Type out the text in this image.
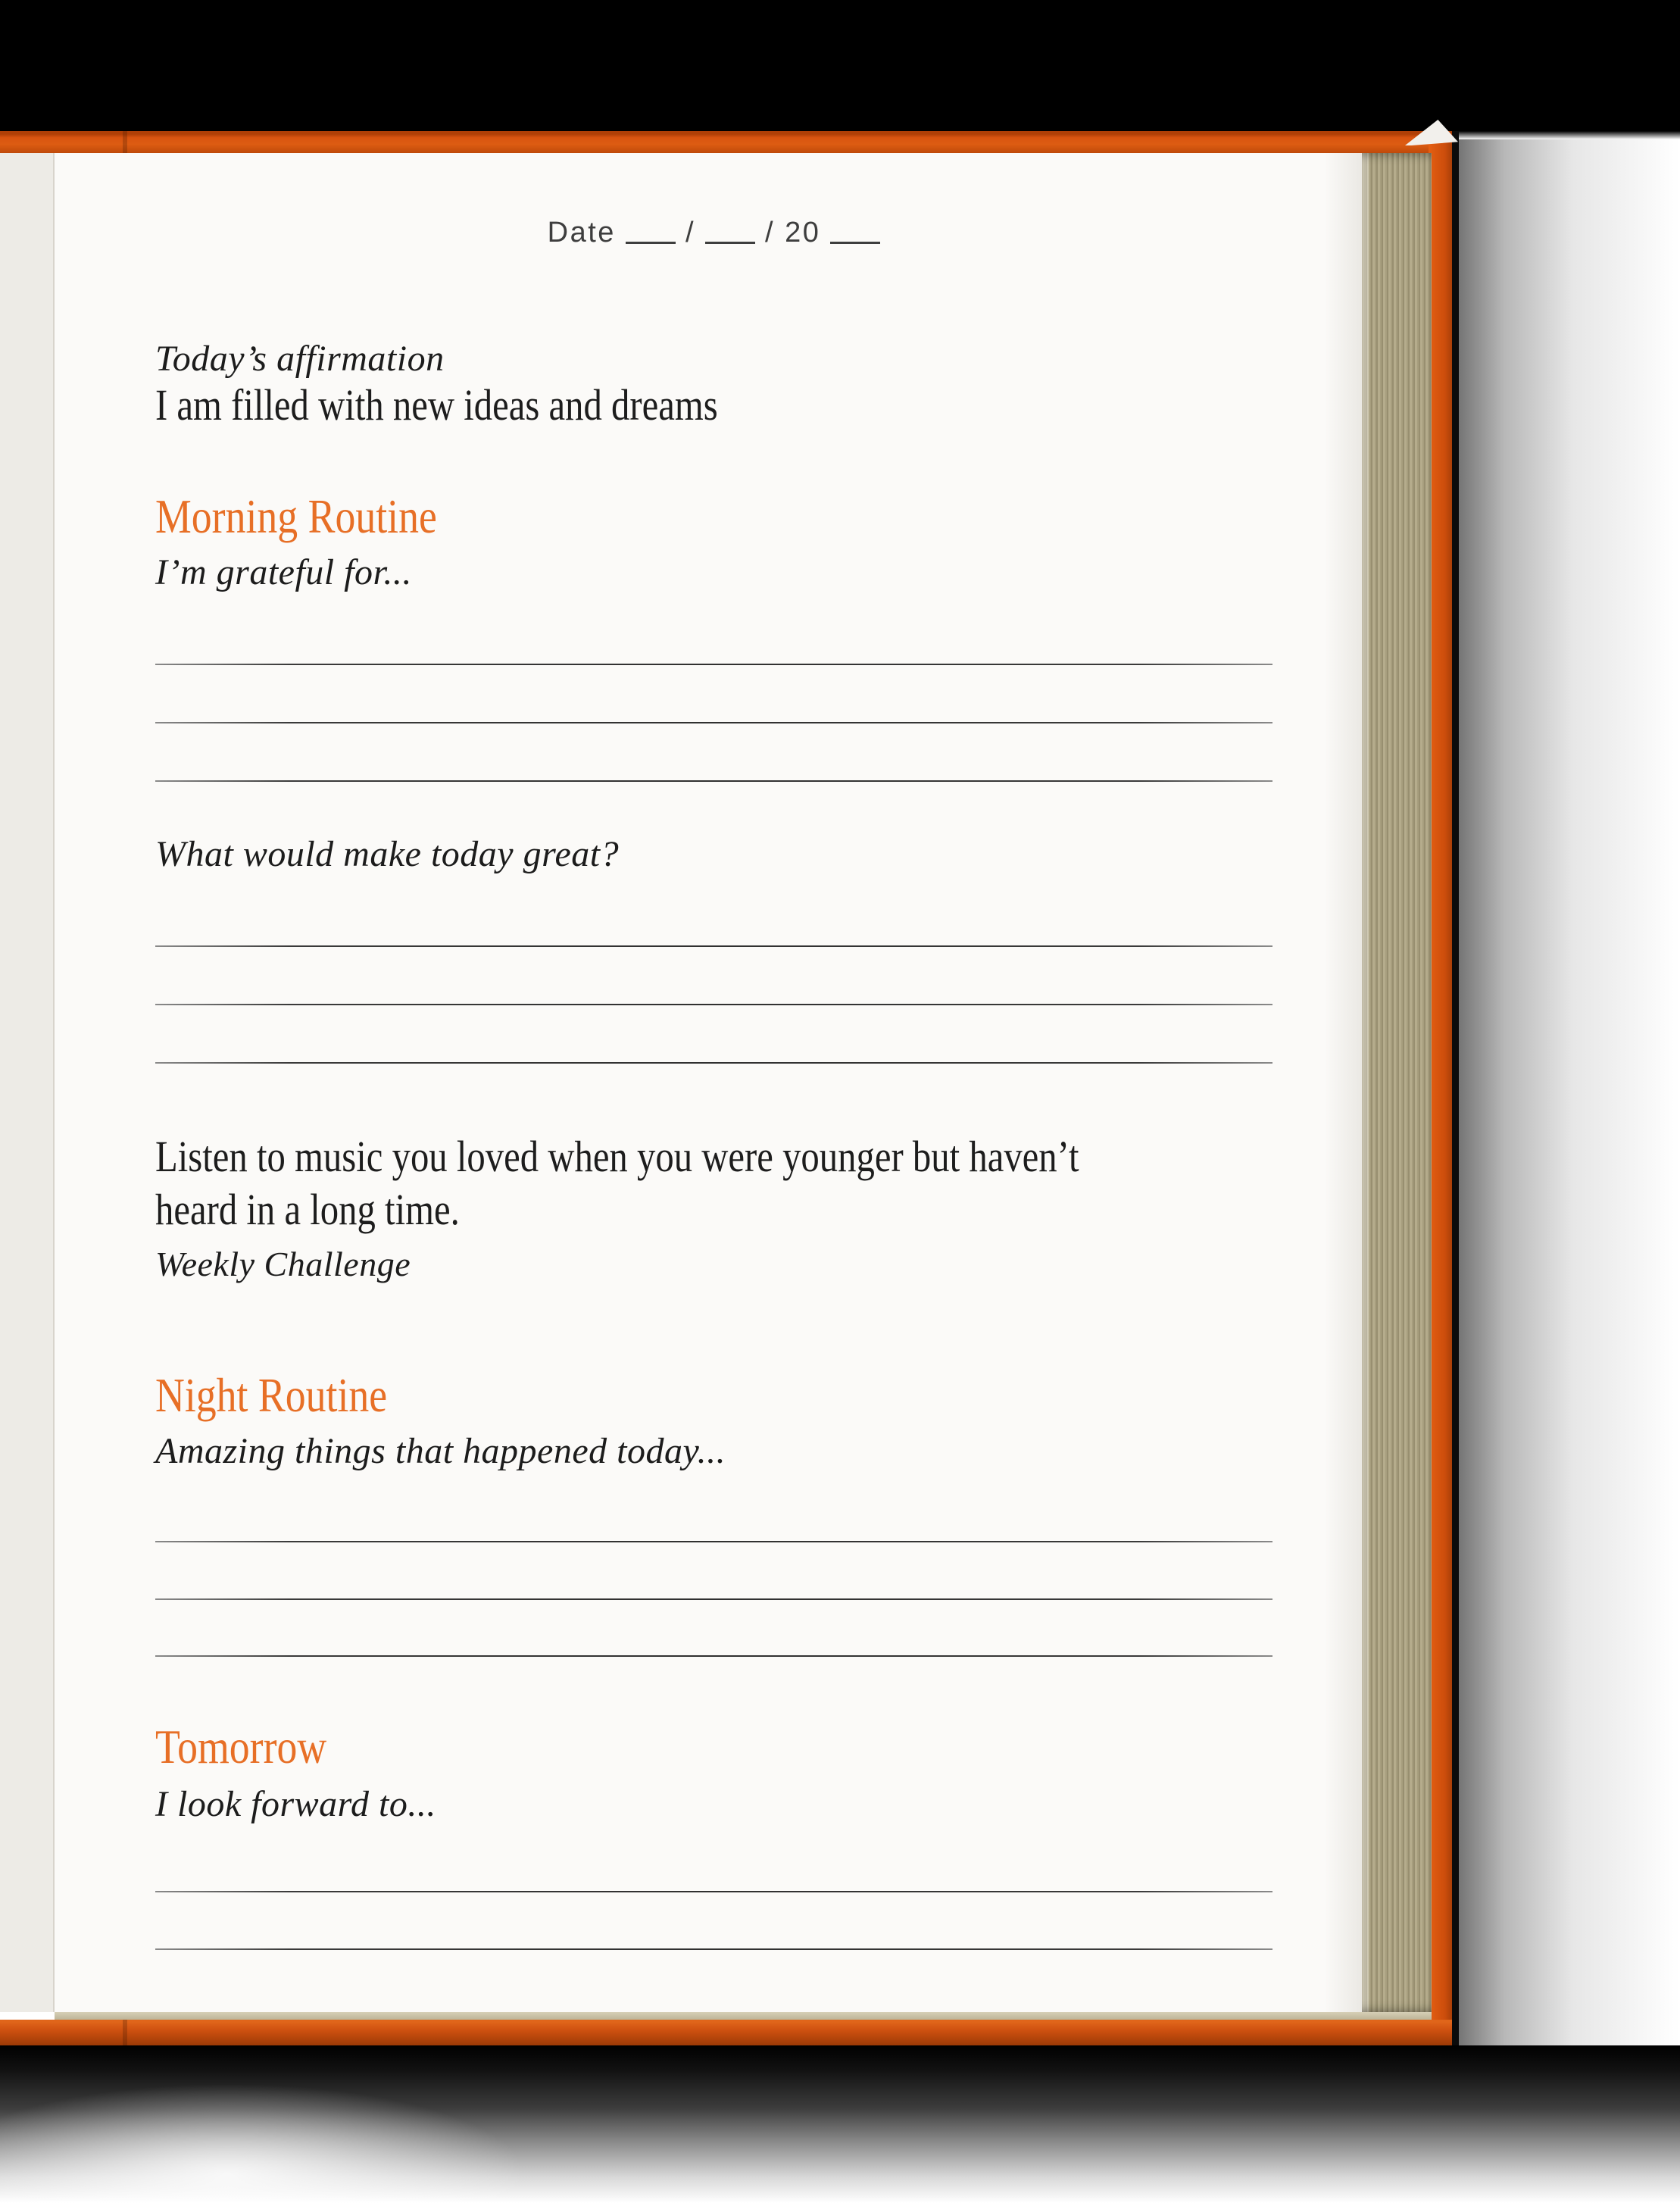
Date / / 20
Today’s affirmation
I am filled with new ideas and dreams
Morning Routine
I’m grateful for...
What would make today great?
Listen to music you loved when you were younger but haven’t heard in a long time.
Weekly Challenge
Night Routine
Amazing things that happened today...
Tomorrow
I look forward to...
